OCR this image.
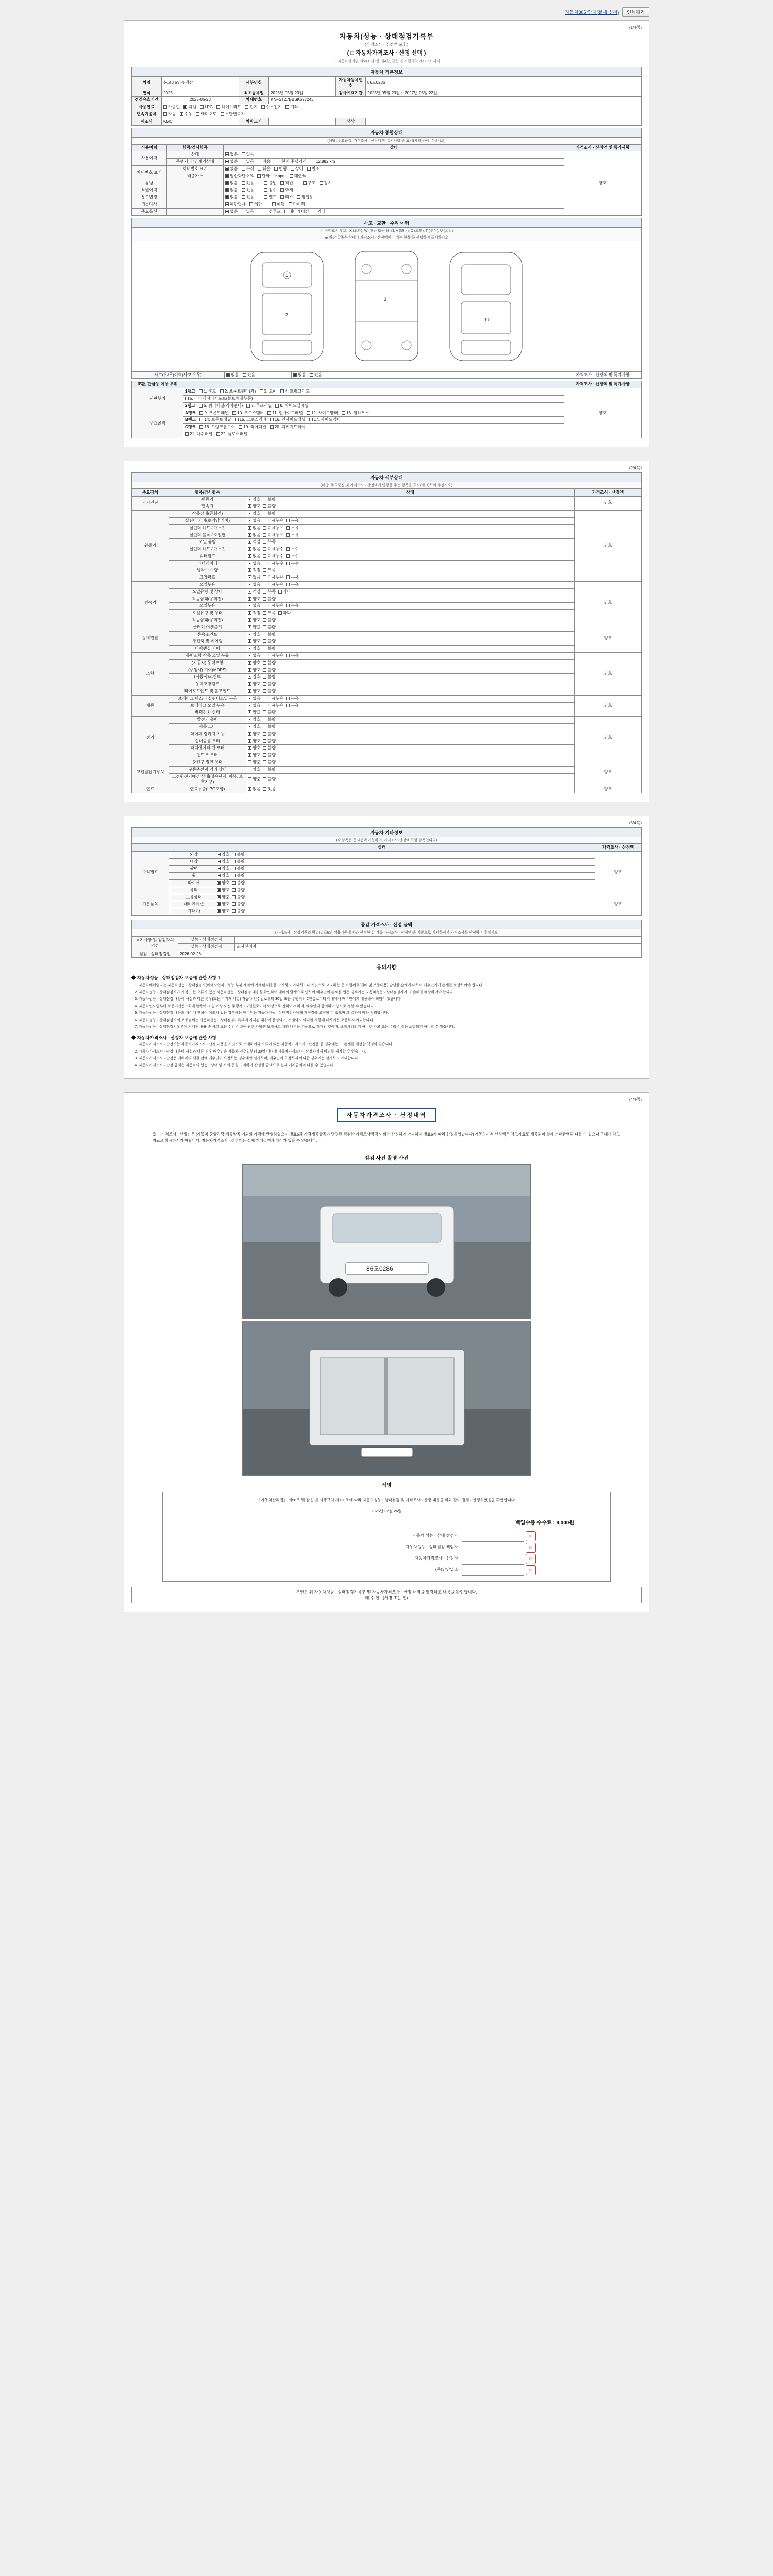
자동차365 안내(결제·신청)	인쇄하기
(1/4쪽)
자동차(성능 · 상태점검기록부
(가격조사 · 산정액 포함)
( □ 자동차가격조사 · 산정 선택 )
※ 자동차관리법 제58조제1항·제4항, 같은 법 시행규칙 제120조 서식
자동차 기본정보
차명	봉고3 5인승냉장	세부명칭		자동차등록번호	86도0286
연식	2025	최초등록일	2025년 05월 23일	검사유효기간	2025년 05월 23일 ~ 2027년 05월 22일
점검유효기간	2025-06-23	차대번호	KNFSTZ7BBSK677243		
사용연료	가솔린 디젤 LPG 하이브리드 전기 수소전기 기타				
변속기종류	자동 수동 세미오토 무단변속기				
제조사	KMC	차량크기		색상	
자동차 종합상태
(해당, 주요품질, 가격조사 · 산정액 및 특기사항 중 표시(체크)하여 주십시오)
사용이력	항목/검사항목	상태	가격조사 · 산정액 및 특기사항
사용이력	상태	없음 있음	양호
	주행거리 및 계기상태	없음 있음 적음 현재 주행거리 12,882 km	
차대번호 표기	차대번호 표기	없음 부식 훼손 변형 상이 변조	
	배출가스	일산화탄소% 탄화수소ppm 매연%	
튜닝		없음 있음 불법 적법 구조 장치	
특별이력		없음 있음 침수 화재	
용도변경		없음 있음 렌트 리스 영업용	
리콜대상		해당없음 해당 이행 미이행	
주요옵션		없음 있음 선루프 내비게이션 기타	
사고 · 교환 · 수리 이력
※ 상태표시 부호 : X (교환), W (판금 또는 용접), A (績正), C (교환), T (부식), U (요철)
※ 하단 항목은 상태가 가격조사 · 산정액에 미치는 항목 중 선택하여 표시하시오
1
2
3
17
사고(유/무)이력(사고 유무)	없음 있음	없음 있음	가격조사 · 산정액 및 특기사항
교환, 판금등 이상 부위		가격조사 · 산정액 및 특기사항
외판부위	1랭크 1. 후드 2. 프론트펜더(좌) 3. 도어 4. 트렁크리드	양호
	5. 라디에이터서포트(볼트체결부품)	
	2랭크 6. 쿼터패널(리어펜더) 7. 루프패널 8. 사이드실패널	
주요골격	A랭크 9. 프론트패널 10. 크로스멤버 11. 인사이드패널 12. 사이드멤버 13. 휠하우스	
	B랭크 14. 프론트패널 15. 크로스멤버 16. 인사이드패널 17. 사이드멤버	
	C랭크 18. 트렁크플로어 19. 리어패널 20. 패키지트레이	
	21. 대쉬패널 22. 플로어패널	
(2/4쪽)
자동차 세부상태
(해당, 주요품질 및 가격조사 · 산정액에 영향을 주는 항목을 표시(체크)하여 주십시오)
주요장치	항목/검사항목	상태	가격조사 · 산정액
자기진단	원동기	양호 불량	양호
	변속기	양호 불량	
원동기	작동상태(공회전)	양호 불량	양호
	실린더 커버(로커암 커버)	없음 미세누유 누유	
	실린더 헤드 / 개스킷	없음 미세누유 누유	
	실린더 블록 / 오일팬	없음 미세누유 누유	
	오일 유량	적정 부족	
	실린더 헤드 / 개스킷	없음 미세누수 누수	
	워터펌프	없음 미세누수 누수	
	라디에이터	없음 미세누수 누수	
	냉각수 수량	적정 부족	
	고압펌프	없음 미세누유 누유	
변속기	오일누유	없음 미세누유 누유	양호
	오일유량 및 상태	적정 부족 과다	
	작동상태(공회전)	양호 불량	
	오일누유	없음 미세누유 누유	
	오일유량 및 상태	적정 부족 과다	
	작동상태(공회전)	양호 불량	
동력전달	클러치 어셈블리	양호 불량	양호
	등속조인트	양호 불량	
	추진축 및 베어링	양호 불량	
	디퍼렌셜 기어	양호 불량	
조향	동력조향 작동 오일 누유	없음 미세누유 누유	양호
	(시동시) 동력조향	양호 불량	
	(주행시) 기어(MDPS)	양호 불량	
	(시동시)조인트	양호 불량	
	동력조향펌프	양호 불량	
	타이로드엔드 및 볼조인트	양호 불량	
제동	브레이크 마스터 실린더오일 누유	없음 미세누유 누유	양호
	브레이크 오일 누유	없음 미세누유 누유	
	배력장치 상태	양호 불량	
전기	발전기 출력	양호 불량	양호
	시동 모터	양호 불량	
	와이퍼 링키지 기능	양호 불량	
	실내송풍 모터	양호 불량	
	라디에이터 팬 모터	양호 불량	
	윈도우 모터	양호 불량	
고전원전기장치	충전구 절연 상태	양호 불량	양호
	구동축전지 격리 상태	양호 불량	
	고전원전기배선 상태(접속단자, 피복, 보호기구)	양호 불량	
연료	연료누출(LPG포함)	없음 있음	양호
(3/4쪽)
자동차 기타정보
(각 항목은 동시선택 가능하며, 가격조사·산정액 포함 항목입니다)
	상태	가격조사 · 산정액
수리필요	외장 양호 불량	양호
	내장 양호 불량	
	광택 양호 불량	
	휠 양호 불량	
	타이어 양호 불량	
	유리 양호 불량	
기본품목	보유상태 양호 불량	양호
	네비게이션 양호 불량	
	기타 ( ) 양호 불량	
증감 가격조사 · 산정 금액
(가격조사 · 산정기준의 방법(별표6의 적용기준에 따라 산정한 값 가중 가격조사 · 산정액)을 기준으로 기재하셔서 가격조사를 산정하여 주십시오
특기사항 및 점검자의 의견	성능 · 상태점검자	
	성능 · 상태점검자	조사산정자
점검 · 상태점검일	2026-02-26	
유의사항
◆ 자동차성능 · 상태점검자 보증에 관한 사항 1.
1. 자동차매매업자는 자동차성능 · 상태점검자(매매사업자 · 성능 부분 계약에 기재된 내용을 고지하지 아니하거나 거짓으로 고지하는 등의 행위로(매매 및 보증내용) 발생한 손해에 대하여 매수인에게 손해를 보상하여야 합니다.
2. 자동차성능 · 상태점검자가 거짓 또는 오류가 있는 자동차성능 · 상태점검 내용을 확인하여 매매의 발생으로 인하여 매수인이 손해를 입은 경우에는 자동차성능 · 상태점검자가 그 손해를 배상하여야 합니다.
3. 자동차성능 · 상태점검 내용이 사실과 다른 경우(또는 미기재 사항) 자동차 인수일로부터 30일 또는 주행거리 2천킬로미터 이내에서 매수인에게 배상하여 책임이 있습니다.
4. 자동차인도일부터 보증기간은 1회에 한하여 30일 이상 또는 주행거리 2천킬로미터 이상으로 정하여야 하며, 매수인과 합의하여 별도로 정할 수 있습니다.
5. 자동차성능 · 상태점검 내용의 차이에 관하여 이의가 있는 경우에는 매수인은 자동차성능 · 상태점검자에게 재점검을 요청할 수 있으며 그 결과에 따라 처리합니다.
6. 자동차성능 · 상태점검자의 보증범위는 자동차성능 · 상태점검기록부에 기재된 내용에 한정되며, 기재되지 아니한 사항에 대하여는 보증하지 아니합니다.
7. 자동차성능 · 상태점검기록부에 기재된 내용 중 사고 또는 수리 이력에 관한 사항은 보험사고 처리 내역을 기준으로 기재된 것이며, 보험처리되지 아니한 사고 또는 수리 이력은 포함되지 아니할 수 있습니다.
◆ 자동차가격조사 · 산정자 보증에 관한 사항
1. 자동차가격조사 · 산정자는 자동차가격조사 · 산정 내용을 거짓으로 기재하거나 오류가 있는 자동차가격조사 · 산정을 한 경우에는 그 손해를 배상할 책임이 있습니다.
2. 자동차가격조사 · 산정 내용이 사실과 다른 경우 매수인은 자동차 인수일부터 30일 이내에 자동차가격조사 · 산정자에게 이의를 제기할 수 있습니다.
3. 자동차가격조사 · 산정은 매매계약 체결 전에 매수인이 요청하는 경우에만 실시하며, 매수인이 요청하지 아니한 경우에는 실시하지 아니합니다.
4. 자동차가격조사 · 산정 금액은 자동차의 성능 · 상태 및 시세 등을 고려하여 산정한 금액으로 실제 거래금액과 다를 수 있습니다.
(4/4쪽)
자동차가격조사 · 산정내역
※ 「가격조사 · 산정」은 (자동차 중앙차량 제공항목 이외의 가격에 반영하였으며 별표6과 가격제공항목이 반영된 점검한 가격조사금액 이외는 산정하지 아니하며 별표6에 따라 산정하였습니다) 자동차가격 산정액은 참고자료로 제공되며 실제 거래금액과 다를 수 있으니 구매시 참고 자료로 활용하시기 바랍니다. 자동차가격조사 · 산정액은 실제 거래금액과 차이가 있을 수 있습니다.
점검 사진 촬영 사진
86도0286
서명
「자동차관리법」 제58조 및 같은 법 시행규칙 제120조에 따라 자동차성능 · 상태점검 및 가격조사 · 산정 내용을 위와 같이 점검 · 산정하였음을 확인합니다.
2026년 02월 26일
백입수증 수수료 : 9,000원
자동차 성능 · 상태 점검자		印
자동차성능 · 상태점검 책임자		印
자동차가격조사 · 산정자		印
(주)담당업소		印
본인은 위 자동차성능 · 상태점검기록부 및 자동차가격조사 · 산정 내역을 열람하고 내용을 확인합니다.
매 수 인 : (서명 또는 인)
